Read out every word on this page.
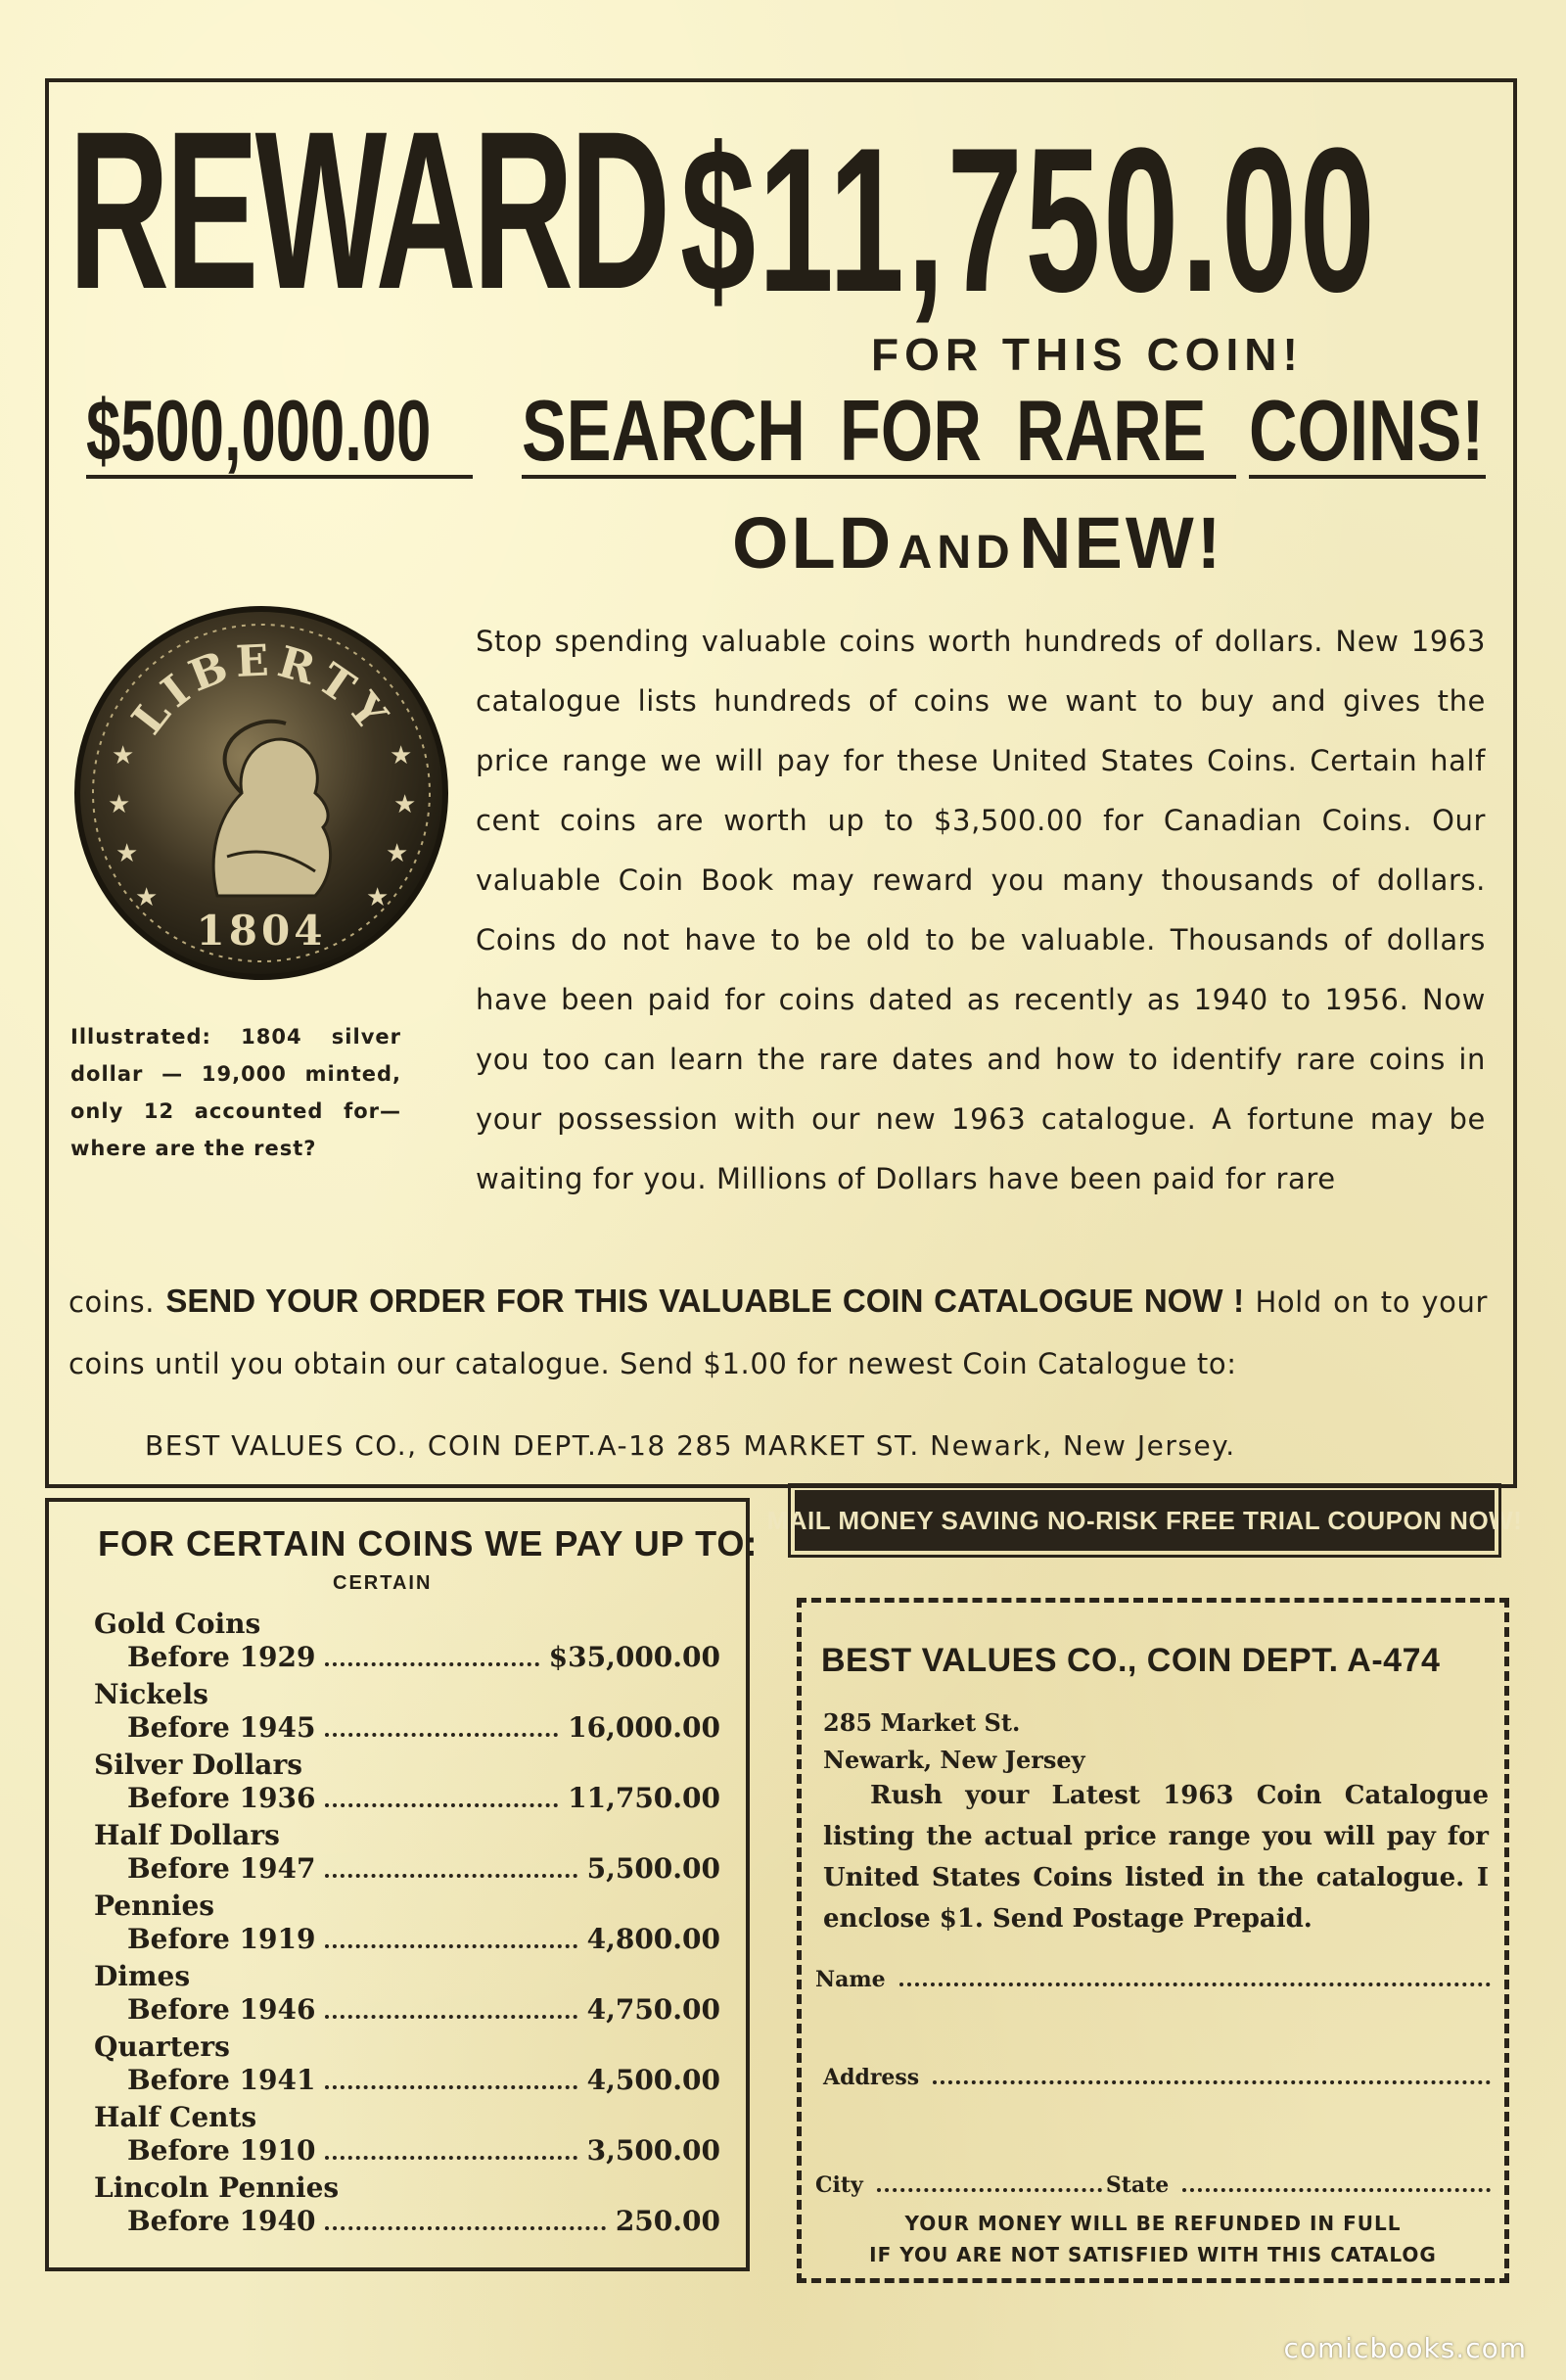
REWARD $11,750.00
FOR THIS COIN!
$500,000.00	SEARCH FOR RARE COINS!
OLD AND NEW!
LIBERTY
★
★
★
★
★
★
★
★
1804
Illustrated: 1804 silver dollar — 19,000 minted, only 12 accounted for— where are the rest?
Stop spending valuable coins worth hundreds of dollars. New 1963 catalogue lists hundreds of coins we want to buy and gives the price range we will pay for these United States Coins. Certain half cent coins are worth up to $3,500.00 for Canadian Coins. Our valuable Coin Book may reward you many thousands of dollars. Coins do not have to be old to be valuable. Thousands of dollars have been paid for coins dated as recently as 1940 to 1956. Now you too can learn the rare dates and how to identify rare coins in your possession with our new 1963 catalogue. A fortune may be waiting for you. Millions of Dollars have been paid for rare
coins. SEND YOUR ORDER FOR THIS VALUABLE COIN CATALOGUE NOW ! Hold on to your coins until you obtain our catalogue. Send $1.00 for newest Coin Catalogue to:
BEST VALUES CO., COIN DEPT.A-18 285 MARKET ST. Newark, New Jersey.
FOR CERTAIN COINS WE PAY UP TO:
CERTAIN
Gold Coins
Before 1929	$35,000.00
Nickels
Before 1945	16,000.00
Silver Dollars
Before 1936	11,750.00
Half Dollars
Before 1947	5,500.00
Pennies
Before 1919	4,800.00
Dimes
Before 1946	4,750.00
Quarters
Before 1941	4,500.00
Half Cents
Before 1910	3,500.00
Lincoln Pennies
Before 1940	250.00
MAIL MONEY SAVING NO-RISK FREE TRIAL COUPON NOW!
BEST VALUES CO., COIN DEPT. A-474
285 Market St.
Newark, New Jersey
Rush your Latest 1963 Coin Catalogue listing the actual price range you will pay for United States Coins listed in the catalogue. I enclose $1. Send Postage Prepaid.
Name
Address
City	State
YOUR MONEY WILL BE REFUNDED IN FULL
IF YOU ARE NOT SATISFIED WITH THIS CATALOG
comicbooks.com
